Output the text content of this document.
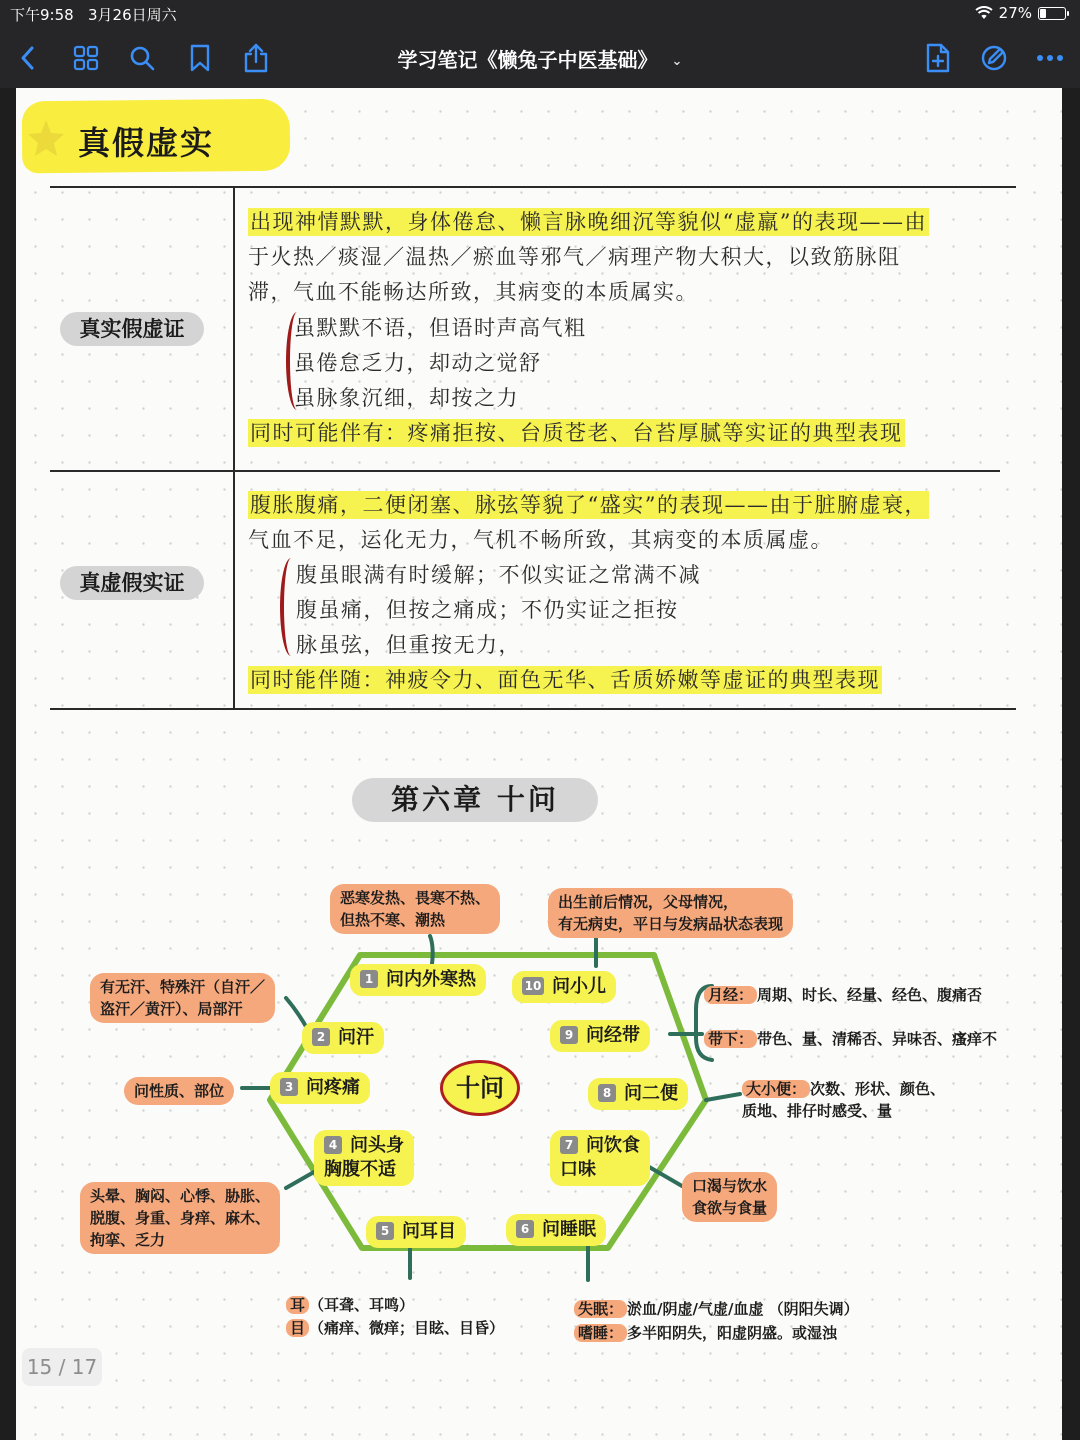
下午9:58 3月26日周六	27%
学习笔记《懒兔子中医基础》 ⌄
真假虚实
真实假虚证
出现神情默默，身体倦怠、懒言脉晚细沉等貌似“虚羸”的表现——由
于火热／痰湿／温热／瘀血等邪气／病理产物大积大，以致筋脉阻
滞，气血不能畅达所致，其病变的本质属实。
虽默默不语，但语时声高气粗
虽倦怠乏力，却动之觉舒
虽脉象沉细，却按之力
同时可能伴有：疼痛拒按、台质苍老、台苔厚腻等实证的典型表现
真虚假实证
腹胀腹痛，二便闭塞、脉弦等貌了“盛实”的表现——由于脏腑虚衰，
气血不足，运化无力，气机不畅所致，其病变的本质属虚。
腹虽眼满有时缓解；不似实证之常满不减
腹虽痛，但按之痛成；不仍实证之拒按
脉虽弦，但重按无力，
同时能伴随：神疲令力、面色无华、舌质娇嫩等虚证的典型表现
第六章 十问
十问
1 问内外寒热	10 问小儿
2 问汗	9 问经带
3 问疼痛	8 问二便
4 问头身
胸腹不适
7 问饮食
口味
5 问耳目	6 问睡眠
恶寒发热、畏寒不热、
但热不寒、潮热
出生前后情况，父母情况，
有无病史，平日与发病品状态表现
有无汗、特殊汗（自汗／
盗汗／黄汗）、局部汗
问性质、部位
头晕、胸闷、心悸、胁胀、
脱腹、身重、身痒、麻木、
拘挛、乏力
月经： 周期、时长、经量、经色、腹痛否
带下： 带色、量、清稀否、异味否、瘙痒不
大小便： 次数、形状、颜色、
质地、排仔时感受、量
口渴与饮水
食欲与食量
耳 （耳聋、耳鸣）
目 （痛痒、微痒；目眩、目昏）
失眠： 淤血/阴虚/气虚/血虚 （阴阳失调）
嗜睡： 多半阳阴失，阳虚阴盛。或湿浊
15 / 17
